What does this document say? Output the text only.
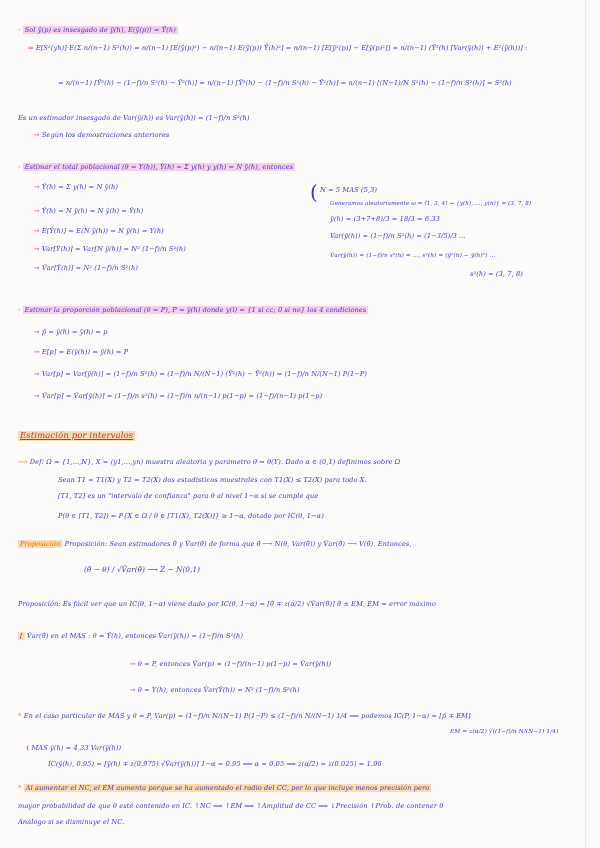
· Sol ŷ(p) es insesgado de ȳ(h), E(ŷ(p)) = Ȳ(h)
⇒ E[S²(yh)]·E(Σ n/(n−1) S²(h)) = n/(n−1) [E(ŷ(p)²) − n/(n−1) E(ȳ(p)) Ȳ(h)²] = n/(n−1) [E[ȳ²(p)] − E[ȳ(p)²]] = n/(n−1) (Ȳ²(h) [Var(ȳ(h)) + E²(ȳ(h))] :
= n/(n−1) [Ȳ²(h) − (1−f)/n S²(h) − Ȳ²(h)] = n/(n−1) [Ȳ²(h) − (1−f)/n S²(h) − Ȳ²(h)] = n/(n−1) [(N−1)/N S²(h) − (1−f)/n S²(h)] = S²(h)
Es un estimador insesgado de Var(ȳ(h)) es Var(ȳ(h)) = (1−f)/n S²(h)
→ Según los demostraciones anteriores
· Estimar el total poblacional (θ = Y(h)), Ŷ(h) = Σ y(h) y y(h) = N ȳ(h), entonces
→ Ŷ(h) = Σ y(h) = N ȳ(h)
→ Ŷ(h) = N ȳ(h) = N ŷ(h) = Ŷ(h)
→ E[Ŷ(h)] = E(N ȳ(h)) = N ȳ(h) = Y(h)
→ Var[Ŷ(h)] = Var[N ȳ(h)] = N² (1−f)/n S²(h)
→ V̂ar[Ŷ(h)] = N² (1−f)/n S²(h)
( N = 5 MAS (5,3)
Generamos aleatoriamente ω = (1, 3, 4) → {y(h), ..., y(n)} = (3, 7, 8)
ȳ(h) = (3+7+8)/3 = 18/3 = 6.33
Var(ȳ(h)) = (1−f)/n S²(h) = (1−3/5)/3 ...
V̂ar(ȳ(h)) = (1−f)/n s²(h) = ..., s²(h) = (ȳ²(h) − ȳ(h)²) ...
s²(h) = (3, 7, 8)
· Estimar la proporción poblacional (θ = P), P = ȳ(h) donde y(i) = {1 si cc; 0 si no} los 4 condiciones
→ p̂ = ŷ(h) = ȳ(h) = p
→ E[p] = E(ȳ(h)) = ȳ(h) = P
→ Var[p] = Var[ȳ(h)] = (1−f)/n S²(h) = (1−f)/n N/(N−1) (Ȳ²(h) − Ȳ²(h)) = (1−f)/n N/(N−1) P(1−P)
→ V̂ar[p] = V̂ar[ȳ(h)] = (1−f)/n s²(h) = (1−f)/n n/(n−1) p(1−p) = (1−f)/(n−1) p(1−p)
Estimación por intervalos
⟶ Def: Ω = {1,...,N}, X = (y1,...,yn) muestra aleatoria y parámetro θ = θ(Y). Dado α ∈ (0,1) definimos sobre Ω
Sean T1 = T1(X) y T2 = T2(X) dos estadísticos muestrales con T1(X) ≤ T2(X) para todo X.
[T1, T2] es un "intervalo de confianza" para θ al nivel 1−α si se cumple que
P(θ ∈ [T1, T2]) = P{X ∈ Ω / θ ∈ [T1(X), T2(X)]} ≥ 1−α, dotado por IC(θ, 1−α)
Proposición Proposición: Sean estimadores θ̂ y V̂ar(θ̂) de forma que θ̂ ⟶ N(θ, Var(θ̂)) y V̂ar(θ̂) ⟶ V(θ̂). Entonces,
(θ̂ − θ) / √V̂ar(θ̂) ⟶ Z ~ N(0,1)
Proposición: Es fácil ver que un IC(θ, 1−α) viene dado por IC(θ, 1−α) = [θ̂ ∓ z(α/2) √V̂ar(θ̂)] θ̂ ± EM, EM = error máximo
[ V̂ar(θ̂) en el MAS : θ = Ȳ(h), entonces V̂ar(ȳ(h)) = (1−f)/n S²(h)
→ θ = P, entonces V̂ar(p) = (1−f)/(n−1) p(1−p) = V̂ar(ȳ(h))
→ θ = Y(h), entonces V̂ar(Ŷ(h)) = N² (1−f)/n S²(h)
* En el caso particular de MAS y θ = P, Var(p) = (1−f)/n N/(N−1) P(1−P) ≤ (1−f)/n N/(N−1) 1/4 ⟹ podemos IC(P, 1−α) = [p̂ ∓ EM]
EM = z(α/2) √((1−f)/n N/(N−1) 1/4)
( MAS ȳ(h) = 4.33 Var(ȳ(h))
IC(ȳ(h), 0.95) = [ȳ(h) ∓ z(0.975) √V̂ar(ȳ(h))] 1−α = 0.95 ⟹ α = 0.05 ⟹ z(α/2) = z(0.025) = 1.96
* Al aumentar el NC, el EM aumenta porque se ha aumentado el radio del CC, por lo que incluye menos precisión pero
mayor probabilidad de que θ esté contenido en IC. ↑NC ⟹ ↑EM ⟹ ↑Amplitud de CC ⟹ ↓Precisión ↑Prob. de contener θ
Análogo si se disminuye el NC.
